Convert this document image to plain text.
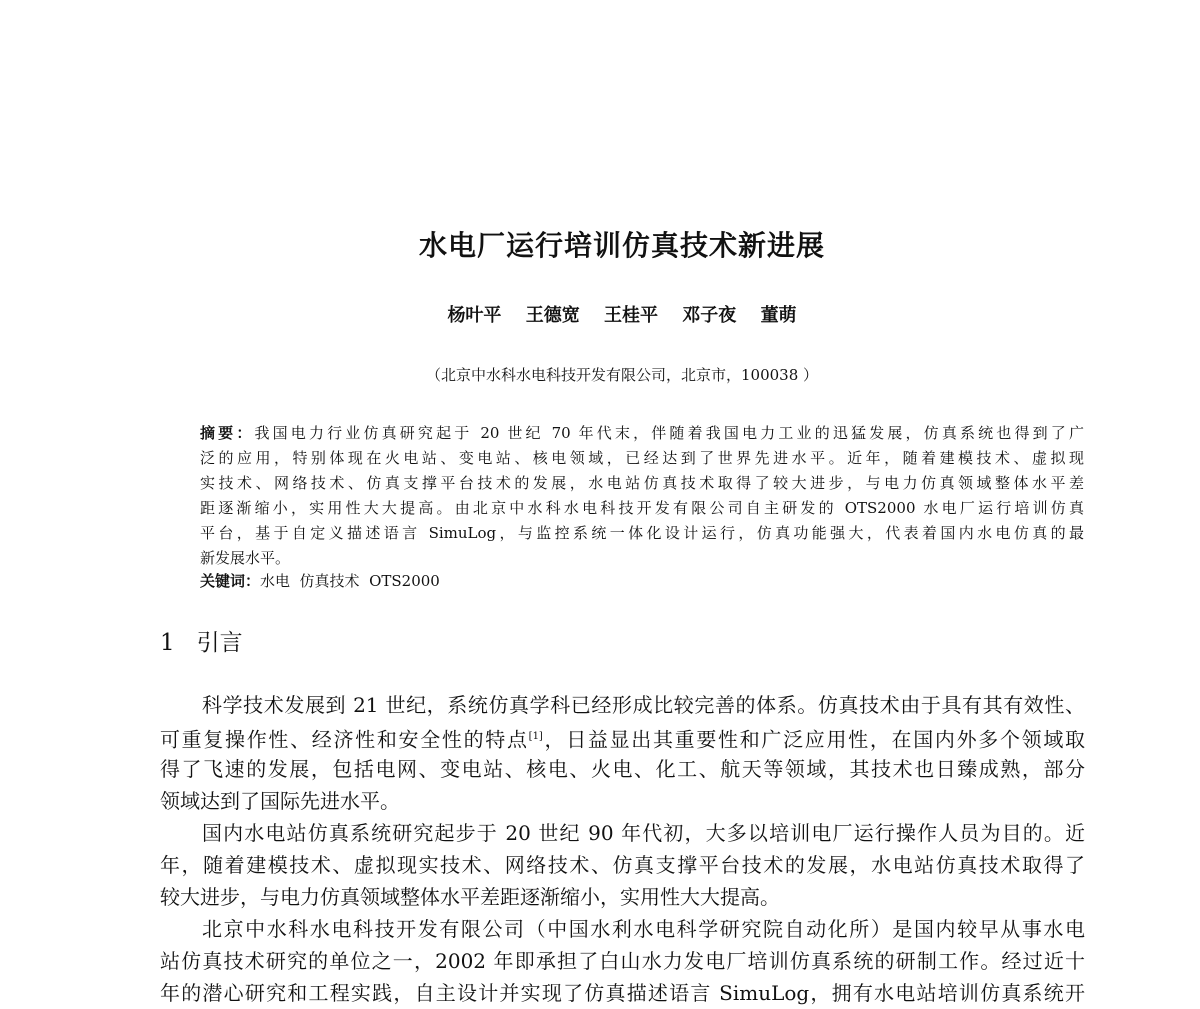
水电厂运行培训仿真技术新进展
杨叶平 王德宽 王桂平 邓子夜 董萌
（北京中水科水电科技开发有限公司，北京市，100038 ）
摘要：我国电力行业仿真研究起于 20 世纪 70 年代末，伴随着我国电力工业的迅猛发展，仿真系统也得到了广
泛的应用，特别体现在火电站、变电站、核电领域，已经达到了世界先进水平。近年，随着建模技术、虚拟现
实技术、网络技术、仿真支撑平台技术的发展，水电站仿真技术取得了较大进步，与电力仿真领域整体水平差
距逐渐缩小，实用性大大提高。由北京中水科水电科技开发有限公司自主研发的 OTS2000 水电厂运行培训仿真
平台，基于自定义描述语言 SimuLog，与监控系统一体化设计运行，仿真功能强大，代表着国内水电仿真的最
新发展水平。
关键词：水电  仿真技术  OTS2000
1 引言
科学技术发展到 21 世纪，系统仿真学科已经形成比较完善的体系。仿真技术由于具有其有效性、
可重复操作性、经济性和安全性的特点[1]，日益显出其重要性和广泛应用性，在国内外多个领域取
得了飞速的发展，包括电网、变电站、核电、火电、化工、航天等领域，其技术也日臻成熟，部分
领域达到了国际先进水平。
国内水电站仿真系统研究起步于 20 世纪 90 年代初，大多以培训电厂运行操作人员为目的。近
年，随着建模技术、虚拟现实技术、网络技术、仿真支撑平台技术的发展，水电站仿真技术取得了
较大进步，与电力仿真领域整体水平差距逐渐缩小，实用性大大提高。
北京中水科水电科技开发有限公司（中国水利水电科学研究院自动化所）是国内较早从事水电
站仿真技术研究的单位之一，2002 年即承担了白山水力发电厂培训仿真系统的研制工作。经过近十
年的潜心研究和工程实践，自主设计并实现了仿真描述语言 SimuLog，拥有水电站培训仿真系统开
